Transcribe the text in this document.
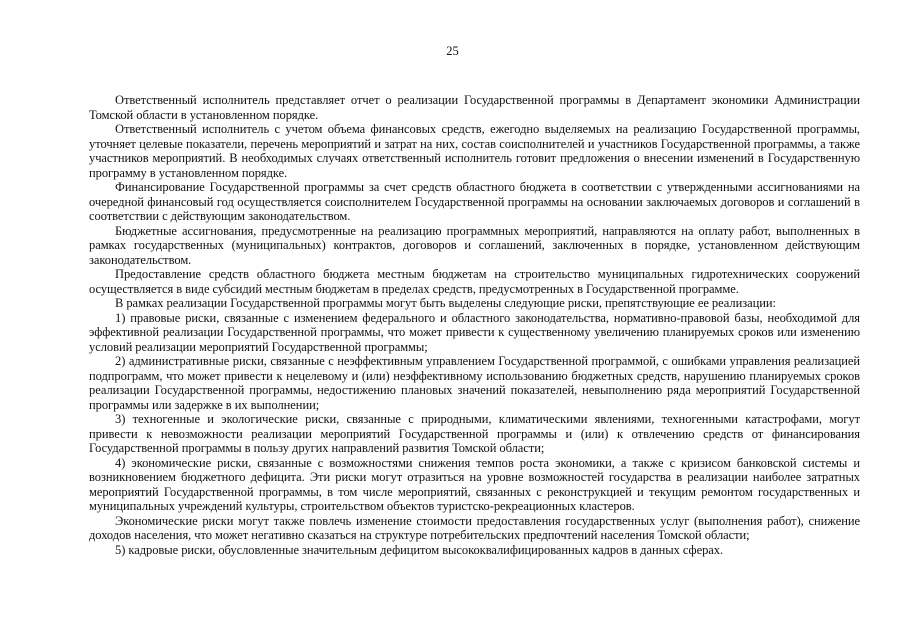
25

Ответственный исполнитель представляет отчет о реализации Государственной программы в Департамент экономики Администрации Томской области в установленном порядке.

Ответственный исполнитель с учетом объема финансовых средств, ежегодно выделяемых на реализацию Государственной программы, уточняет целевые показатели, перечень мероприятий и затрат на них, состав соисполнителей и участников Государственной программы, а также участников мероприятий. В необходимых случаях ответственный исполнитель готовит предложения о внесении изменений в Государственную программу в установленном порядке.

Финансирование Государственной программы за счет средств областного бюджета в соответствии с утвержденными ассигнованиями на очередной финансовый год осуществляется соисполнителем Государственной программы на основании заключаемых договоров и соглашений в соответствии с действующим законодательством.

Бюджетные ассигнования, предусмотренные на реализацию программных мероприятий, направляются на оплату работ, выполненных в рамках государственных (муниципальных) контрактов, договоров и соглашений, заключенных в порядке, установленном действующим законодательством.

Предоставление средств областного бюджета местным бюджетам на строительство муниципальных гидротехнических сооружений осуществляется в виде субсидий местным бюджетам в пределах средств, предусмотренных в Государственной программе.

В рамках реализации Государственной программы могут быть выделены следующие риски, препятствующие ее реализации:

1) правовые риски, связанные с изменением федерального и областного законодательства, нормативно-правовой базы, необходимой для эффективной реализации Государственной программы, что может привести к существенному увеличению планируемых сроков или изменению условий реализации мероприятий Государственной программы;

2) административные риски, связанные с неэффективным управлением Государственной программой, с ошибками управления реализацией подпрограмм, что может привести к нецелевому и (или) неэффективному использованию бюджетных средств, нарушению планируемых сроков реализации Государственной программы, недостижению плановых значений показателей, невыполнению ряда мероприятий Государственной программы или задержке в их выполнении;

3) техногенные и экологические риски, связанные с природными, климатическими явлениями, техногенными катастрофами, могут привести к невозможности реализации мероприятий Государственной программы и (или) к отвлечению средств от финансирования Государственной программы в пользу других направлений развития Томской области;

4) экономические риски, связанные с возможностями снижения темпов роста экономики, а также с кризисом банковской системы и возникновением бюджетного дефицита. Эти риски могут отразиться на уровне возможностей государства в реализации наиболее затратных мероприятий Государственной программы, в том числе мероприятий, связанных с реконструкцией и текущим ремонтом государственных и муниципальных учреждений культуры, строительством объектов туристско-рекреационных кластеров.

Экономические риски могут также повлечь изменение стоимости предоставления государственных услуг (выполнения работ), снижение доходов населения, что может негативно сказаться на структуре потребительских предпочтений населения Томской области;

5) кадровые риски, обусловленные значительным дефицитом высококвалифицированных кадров в данных сферах.
